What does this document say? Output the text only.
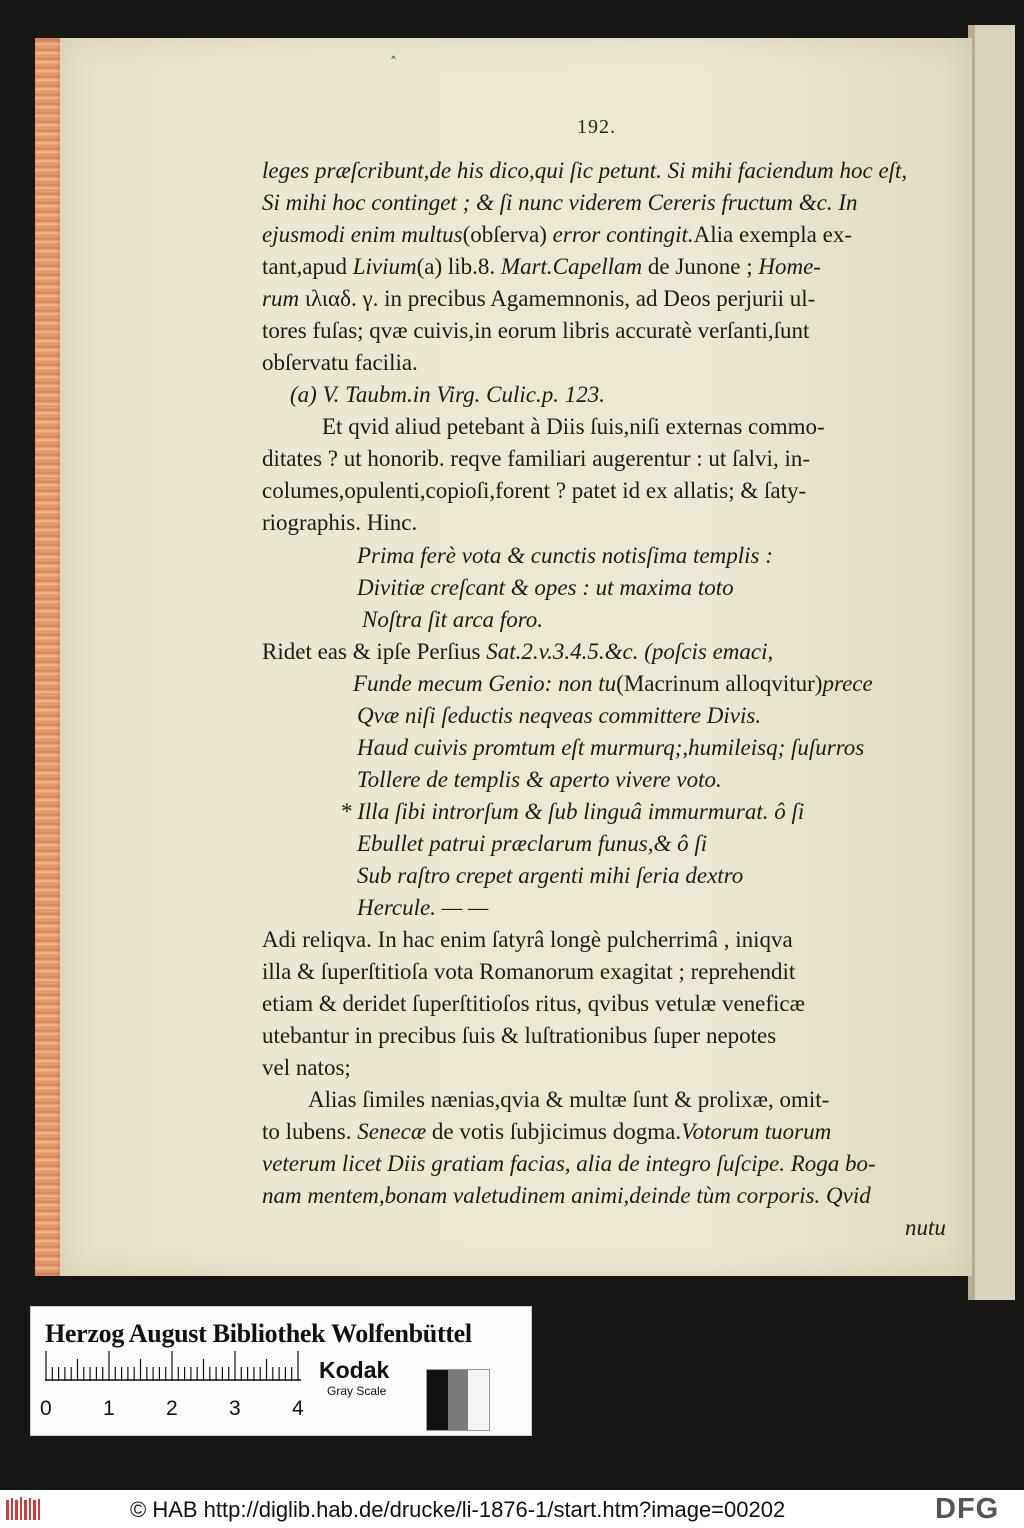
˄
192.
leges præſcribunt,de his dico,qui ſic petunt. Si mihi faciendum hoc eſt,
Si mihi hoc continget ; & ſi nunc viderem Cereris fructum &c. In
ejusmodi enim multus(obſerva) error contingit.Alia exempla ex-
tant,apud Livium(a) lib.8. Mart.Capellam de Junone ; Home-
rum ιλιαδ. γ. in precibus Agamemnonis, ad Deos perjurii ul-
tores fuſas; qvæ cuivis,in eorum libris accuratè verſanti,ſunt
obſervatu facilia.
(a) V. Taubm.in Virg. Culic.p. 123.
Et qvid aliud petebant à Diis ſuis,niſi externas commo-
ditates ? ut honorib. reqve familiari augerentur : ut ſalvi, in-
columes,opulenti,copioſi,forent ? patet id ex allatis; & ſaty-
riographis. Hinc.
Prima ferè vota & cunctis notisſima templis :
Divitiæ creſcant & opes : ut maxima toto
Noſtra ſit arca foro.
Ridet eas & ipſe Perſius Sat.2.v.3.4.5.&c. (poſcis emaci,
Funde mecum Genio: non tu(Macrinum alloqvitur)prece
Qvæ niſi ſeductis neqveas committere Divis.
Haud cuivis promtum eſt murmurq;,humileisq; ſuſurros
Tollere de templis & aperto vivere voto.
* Illa ſibi introrſum & ſub linguâ immurmurat. ô ſi
Ebullet patrui præclarum funus,& ô ſi
Sub raſtro crepet argenti mihi ſeria dextro
Hercule. — —
Adi reliqva. In hac enim ſatyrâ longè pulcherrimâ , iniqva
illa & ſuperſtitioſa vota Romanorum exagitat ; reprehendit
etiam & deridet ſuperſtitioſos ritus, qvibus vetulæ veneficæ
utebantur in precibus ſuis & luſtrationibus ſuper nepotes
vel natos;
Alias ſimiles nænias,qvia & multæ ſunt & prolixæ, omit-
to lubens. Senecæ de votis ſubjicimus dogma.Votorum tuorum
veterum licet Diis gratiam facias, alia de integro ſuſcipe. Roga bo-
nam mentem,bonam valetudinem animi,deinde tùm corporis. Qvid
nutu
Herzog August Bibliothek Wolfenbüttel
0 1 2 3 4
Kodak
Gray Scale
© HAB http://diglib.hab.de/drucke/li-1876-1/start.htm?image=00202	DFG
